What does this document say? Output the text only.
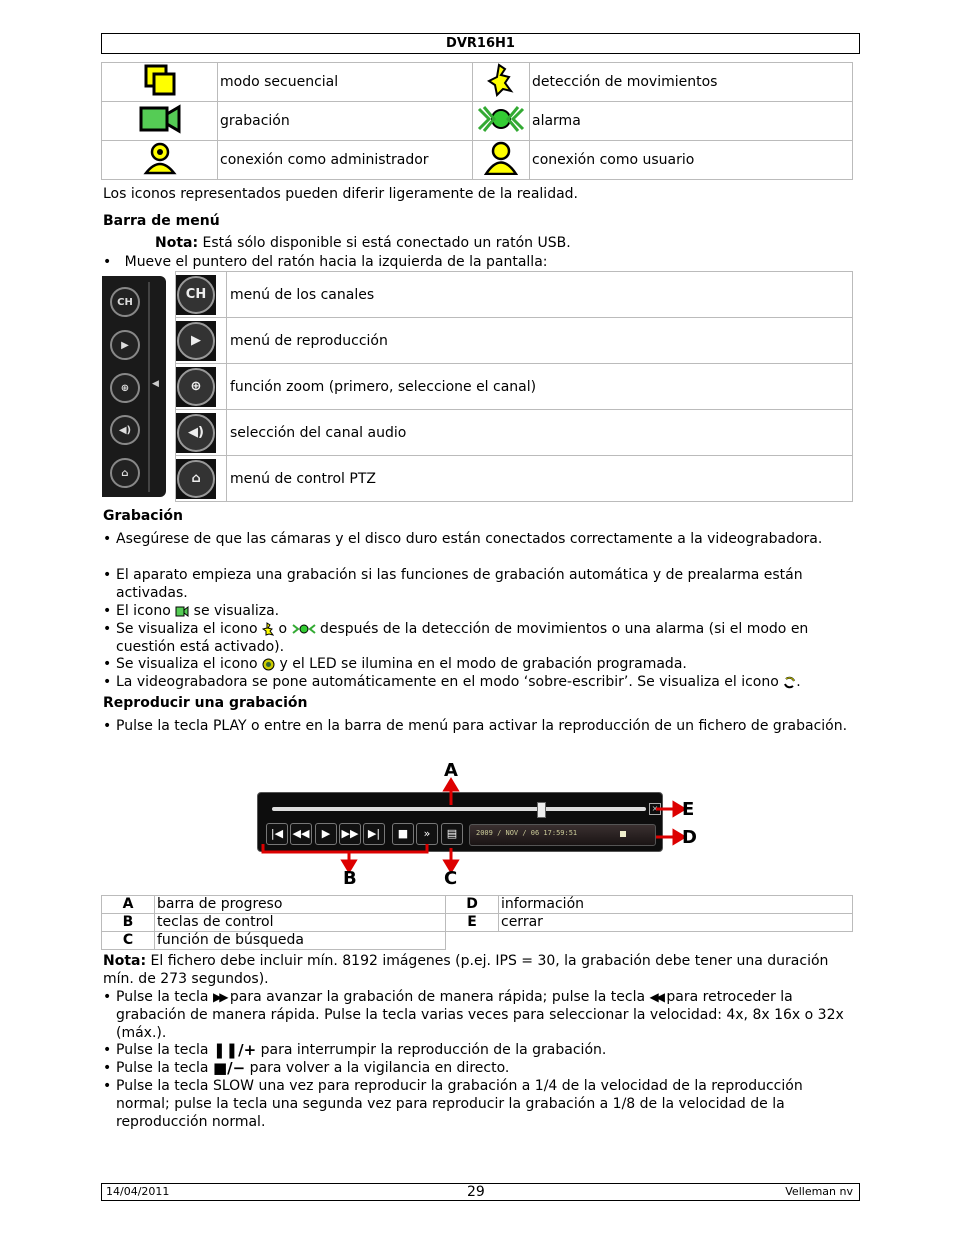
DVR16H1
	modo secuencial		detección de movimientos
	grabación		alarma
	conexión como administrador		conexión como usuario
Los iconos representados pueden diferir ligeramente de la realidad.
Barra de menú
Nota: Está sólo disponible si está conectado un ratón USB.
•   Mueve el puntero del ratón hacia la izquierda de la pantalla:
CH
▶
⊕
◀)
⌂
◀
CH	menú de los canales

▶	menú de reproducción

⊕	función zoom (primero, seleccione el canal)

◀)	selección del canal audio

⌂	menú de control PTZ
Grabación
• Asegúrese de que las cámaras y el disco duro están conectados correctamente a la videograbadora.
• El aparato empieza una grabación si las funciones de grabación automática y de prealarma están activadas.
• El icono  se visualiza.
• Se visualiza el icono  o  después de la detección de movimientos o una alarma (si el modo en cuestión está activado).
• Se visualiza el icono  y el LED se ilumina en el modo de grabación programada.
• La videograbadora se pone automáticamente en el modo ‘sobre-escribir’. Se visualiza el icono .
Reproducir una grabación
• Pulse la tecla PLAY o entre en la barra de menú para activar la reproducción de un fichero de grabación.
×
2009 / NOV / 06 17:59:51
|◀ ◀◀	▶	▶▶ ▶|	■	»	▤
A
E
D
B	C
A	barra de progreso	D	información
B	teclas de control	E	cerrar
C	función de búsqueda		
Nota: El fichero debe incluir mín. 8192 imágenes (p.ej. IPS = 30, la grabación debe tener una duración mín. de 273 segundos).
• Pulse la tecla ▶▶ para avanzar la grabación de manera rápida; pulse la tecla ◀◀ para retroceder la grabación de manera rápida. Pulse la tecla varias veces para seleccionar la velocidad: 4x, 8x 16x o 32x (máx.).
• Pulse la tecla ❚❚/+ para interrumpir la reproducción de la grabación.
• Pulse la tecla ■/− para volver a la vigilancia en directo.
• Pulse la tecla SLOW una vez para reproducir la grabación a 1/4 de la velocidad de la reproducción normal; pulse la tecla una segunda vez para reproducir la grabación a 1/8 de la velocidad de la reproducción normal.
14/04/2011	29	Velleman nv
